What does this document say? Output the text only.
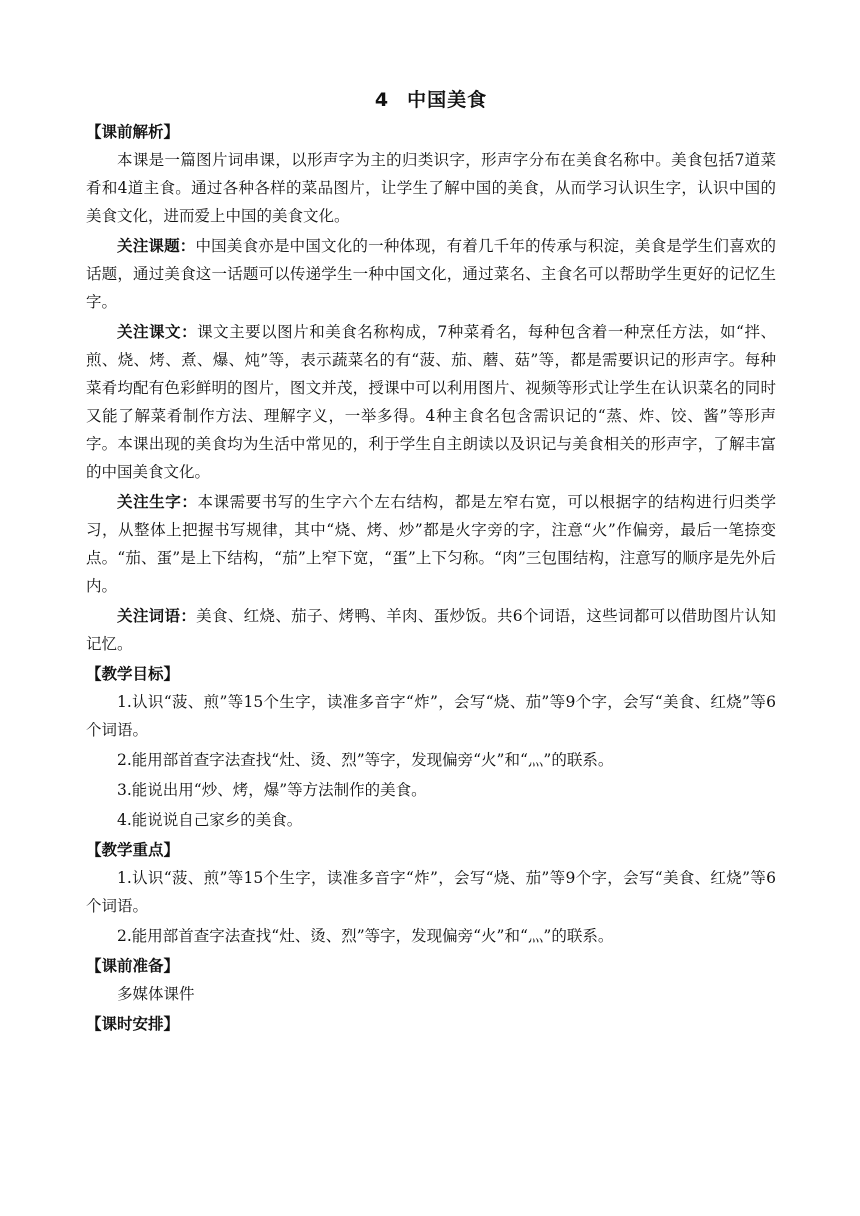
4 中国美食
【课前解析】

本课是一篇图片词串课，以形声字为主的归类识字，形声字分布在美食名称中。美食包括7道菜肴和4道主食。通过各种各样的菜品图片，让学生了解中国的美食，从而学习认识生字，认识中国的美食文化，进而爱上中国的美食文化。

关注课题：中国美食亦是中国文化的一种体现，有着几千年的传承与积淀，美食是学生们喜欢的话题，通过美食这一话题可以传递学生一种中国文化，通过菜名、主食名可以帮助学生更好的记忆生字。

关注课文：课文主要以图片和美食名称构成，7种菜肴名，每种包含着一种烹任方法，如“拌、煎、烧、烤、煮、爆、炖”等，表示蔬菜名的有“菠、茄、蘑、菇”等，都是需要识记的形声字。每种菜肴均配有色彩鲜明的图片，图文并茂，授课中可以利用图片、视频等形式让学生在认识菜名的同时又能了解菜肴制作方法、理解字义，一举多得。4种主食名包含需识记的“蒸、炸、饺、酱”等形声字。本课出现的美食均为生活中常见的，利于学生自主朗读以及识记与美食相关的形声字，了解丰富的中国美食文化。

关注生字：本课需要书写的生字六个左右结构，都是左窄右宽，可以根据字的结构进行归类学习，从整体上把握书写规律，其中“烧、烤、炒”都是火字旁的字，注意“火”作偏旁，最后一笔捺变点。“茄、蛋”是上下结构，“茄”上窄下宽，“蛋”上下匀称。“肉”三包围结构，注意写的顺序是先外后内。

关注词语：美食、红烧、茄子、烤鸭、羊肉、蛋炒饭。共6个词语，这些词都可以借助图片认知记忆。

【教学目标】

1.认识“菠、煎”等15个生字，读准多音字“炸”，会写“烧、茄”等9个字，会写“美食、红烧”等6个词语。

2.能用部首查字法查找“灶、烫、烈”等字，发现偏旁“火”和“灬”的联系。

3.能说出用“炒、烤，爆”等方法制作的美食。

4.能说说自己家乡的美食。

【教学重点】

1.认识“菠、煎”等15个生字，读准多音字“炸”，会写“烧、茄”等9个字，会写“美食、红烧”等6个词语。

2.能用部首查字法查找“灶、烫、烈”等字，发现偏旁“火”和“灬”的联系。

【课前准备】

多媒体课件

【课时安排】
